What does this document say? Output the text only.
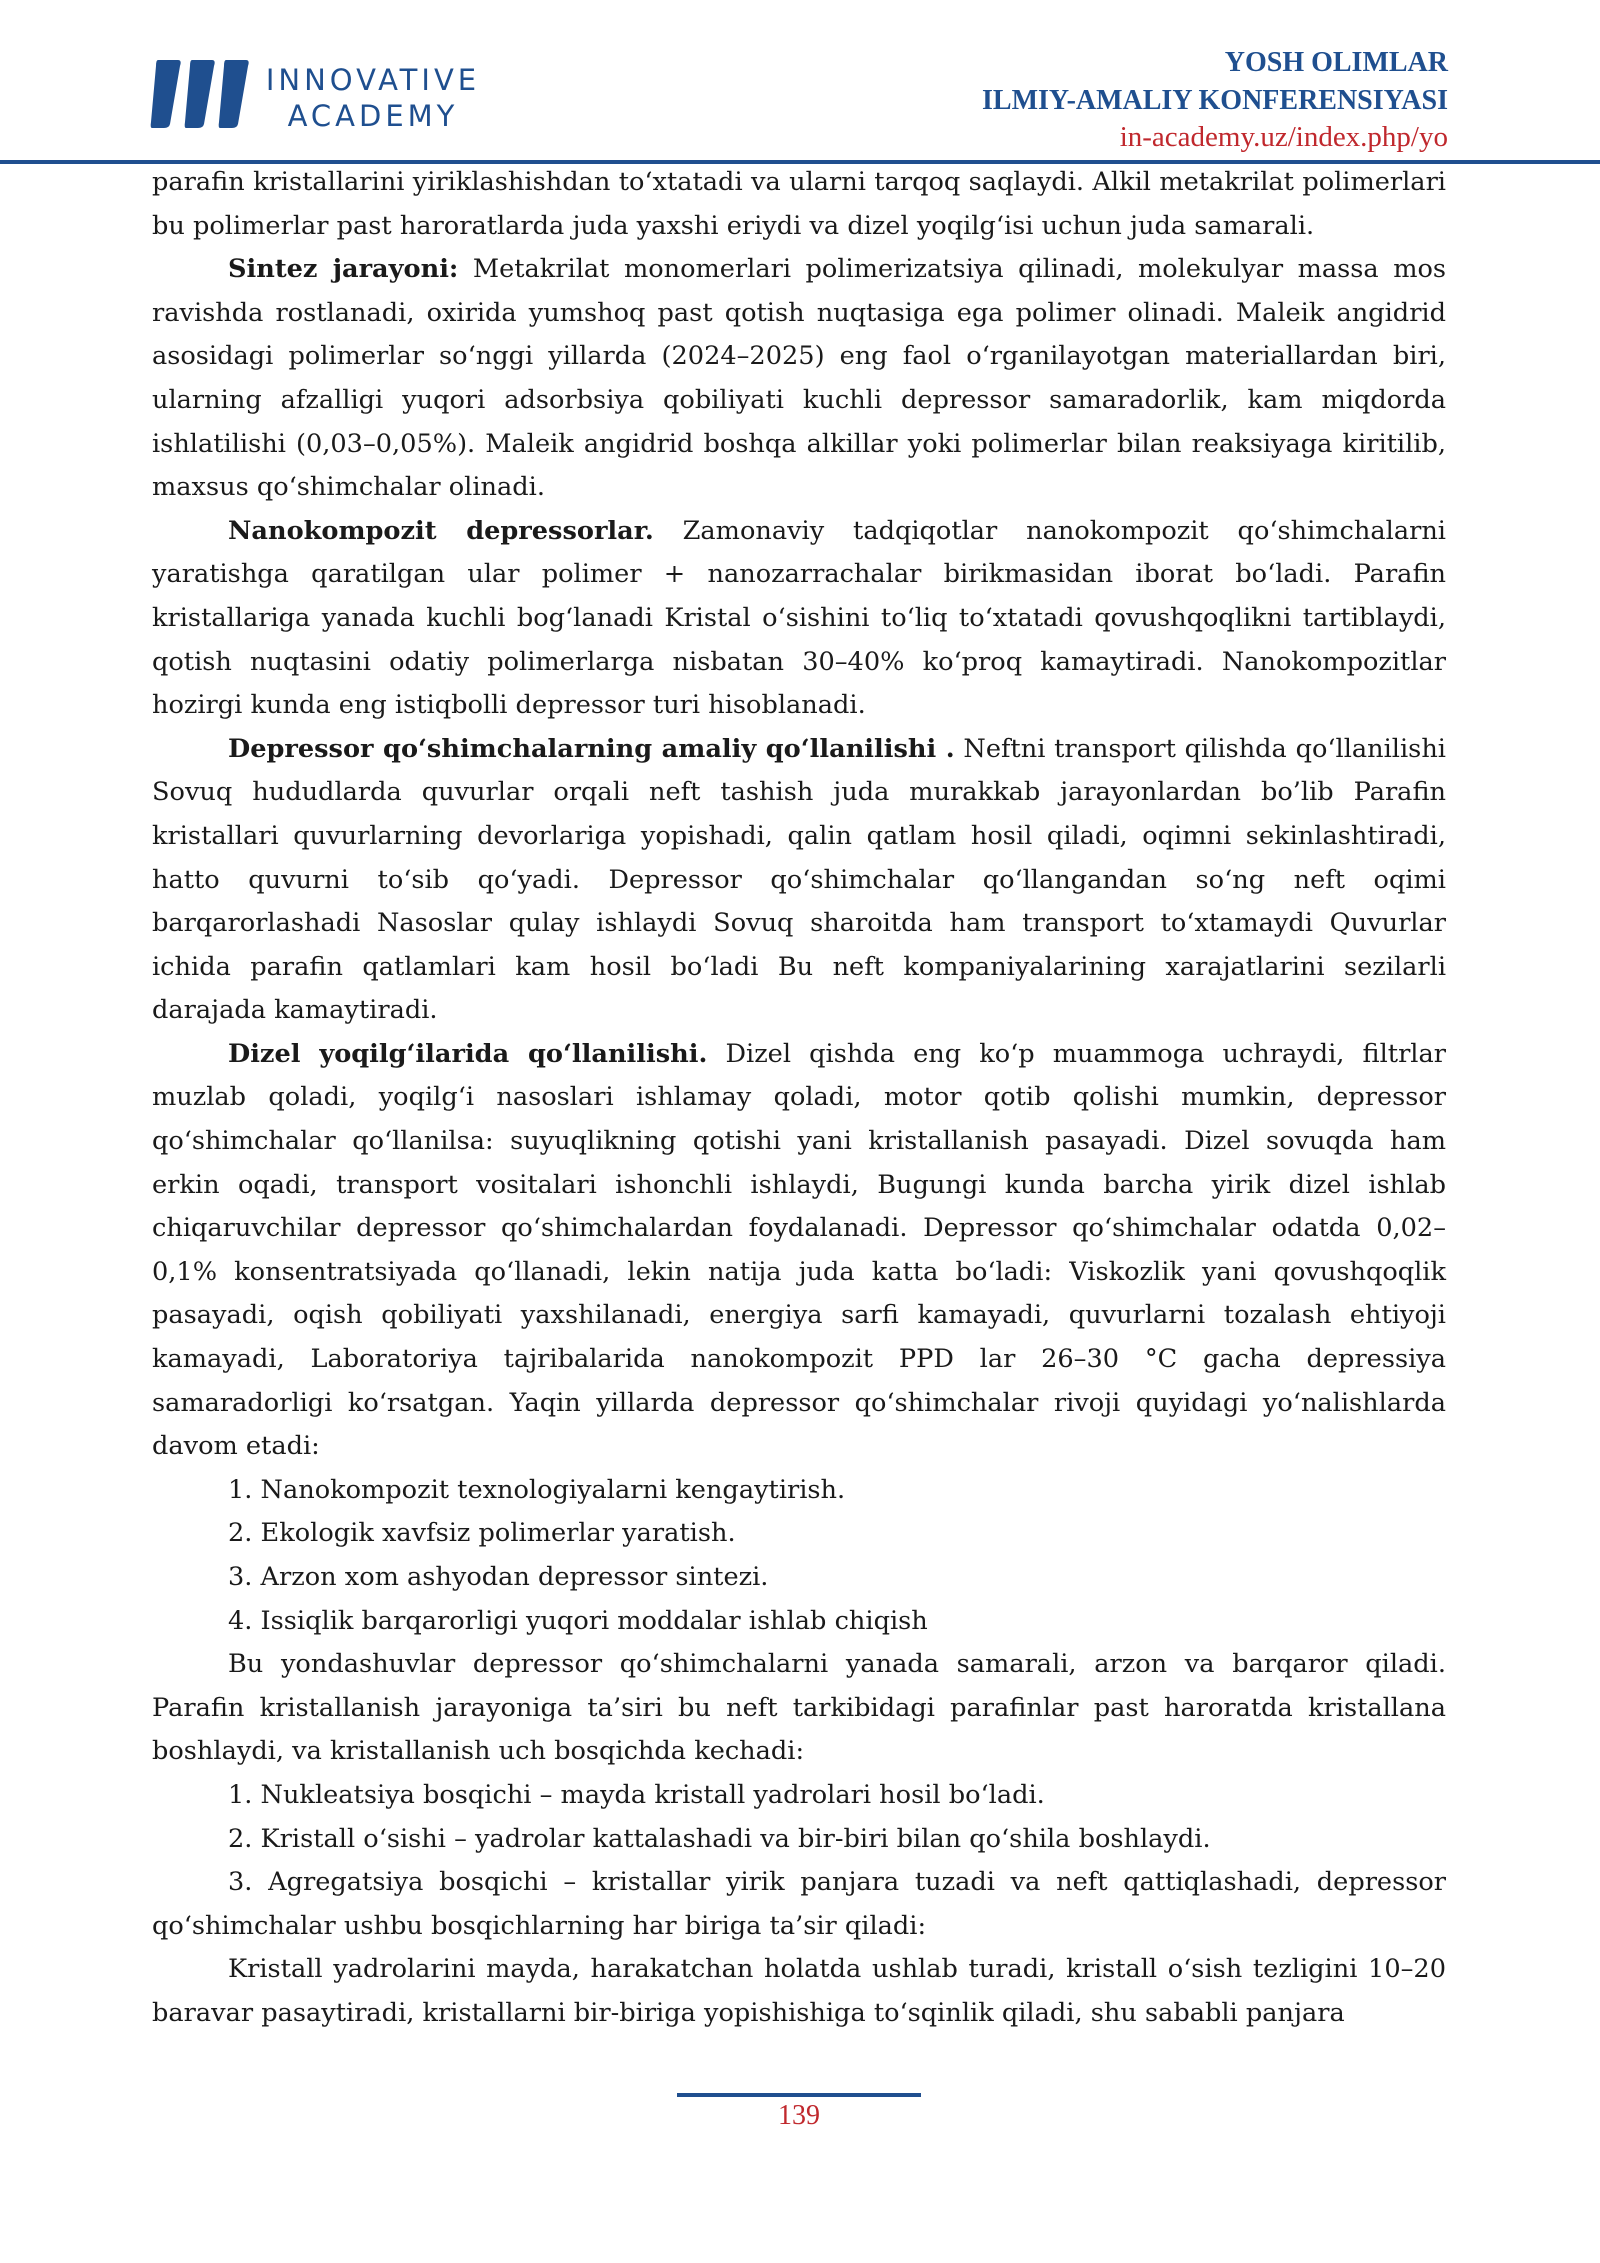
INNOVATIVE
ACADEMY
YOSH OLIMLAR
ILMIY-AMALIY KONFERENSIYASI
in-academy.uz/index.php/yo

parafin kristallarini yiriklashishdan to‘xtatadi va ularni tarqoq saqlaydi. Alkil metakrilat polimerlari bu polimerlar past haroratlarda juda yaxshi eriydi va dizel yoqilg‘isi uchun juda samarali.

Sintez jarayoni: Metakrilat monomerlari polimerizatsiya qilinadi, molekulyar massa mos ravishda rostlanadi, oxirida yumshoq past qotish nuqtasiga ega polimer olinadi. Maleik angidrid asosidagi polimerlar so‘nggi yillarda (2024–2025) eng faol o‘rganilayotgan materiallardan biri, ularning afzalligi yuqori adsorbsiya qobiliyati kuchli depressor samaradorlik, kam miqdorda ishlatilishi (0,03–0,05%). Maleik angidrid boshqa alkillar yoki polimerlar bilan reaksiyaga kiritilib, maxsus qo‘shimchalar olinadi.

Nanokompozit depressorlar. Zamonaviy tadqiqotlar nanokompozit qo‘shimchalarni yaratishga qaratilgan ular polimer + nanozarrachalar birikmasidan iborat bo‘ladi. Parafin kristallariga yanada kuchli bog‘lanadi Kristal o‘sishini to‘liq to‘xtatadi qovushqoqlikni tartiblaydi, qotish nuqtasini odatiy polimerlarga nisbatan 30–40% ko‘proq kamaytiradi. Nanokompozitlar hozirgi kunda eng istiqbolli depressor turi hisoblanadi.

Depressor qo‘shimchalarning amaliy qo‘llanilishi . Neftni transport qilishda qo‘llanilishi Sovuq hududlarda quvurlar orqali neft tashish juda murakkab jarayonlardan bo’lib Parafin kristallari quvurlarning devorlariga yopishadi, qalin qatlam hosil qiladi, oqimni sekinlashtiradi, hatto quvurni to‘sib qo‘yadi. Depressor qo‘shimchalar qo‘llangandan so‘ng neft oqimi barqarorlashadi Nasoslar qulay ishlaydi Sovuq sharoitda ham transport to‘xtamaydi Quvurlar ichida parafin qatlamlari kam hosil bo‘ladi Bu neft kompaniyalarining xarajatlarini sezilarli darajada kamaytiradi.

Dizel yoqilg‘ilarida qo‘llanilishi. Dizel qishda eng ko‘p muammoga uchraydi, filtrlar muzlab qoladi, yoqilg‘i nasoslari ishlamay qoladi, motor qotib qolishi mumkin, depressor qo‘shimchalar qo‘llanilsa: suyuqlikning qotishi yani kristallanish pasayadi. Dizel sovuqda ham erkin oqadi, transport vositalari ishonchli ishlaydi, Bugungi kunda barcha yirik dizel ishlab chiqaruvchilar depressor qo‘shimchalardan foydalanadi. Depressor qo‘shimchalar odatda 0,02–0,1% konsentratsiyada qo‘llanadi, lekin natija juda katta bo‘ladi: Viskozlik yani qovushqoqlik pasayadi, oqish qobiliyati yaxshilanadi, energiya sarfi kamayadi, quvurlarni tozalash ehtiyoji kamayadi, Laboratoriya tajribalarida nanokompozit PPD lar 26–30 °C gacha depressiya samaradorligi ko‘rsatgan. Yaqin yillarda depressor qo‘shimchalar rivoji quyidagi yo‘nalishlarda davom etadi:

1. Nanokompozit texnologiyalarni kengaytirish.

2. Ekologik xavfsiz polimerlar yaratish.

3. Arzon xom ashyodan depressor sintezi.

4. Issiqlik barqarorligi yuqori moddalar ishlab chiqish

Bu yondashuvlar depressor qo‘shimchalarni yanada samarali, arzon va barqaror qiladi. Parafin kristallanish jarayoniga ta’siri bu neft tarkibidagi parafinlar past haroratda kristallana boshlaydi, va kristallanish uch bosqichda kechadi:

1. Nukleatsiya bosqichi – mayda kristall yadrolari hosil bo‘ladi.

2. Kristall o‘sishi – yadrolar kattalashadi va bir-biri bilan qo‘shila boshlaydi.

3. Agregatsiya bosqichi – kristallar yirik panjara tuzadi va neft qattiqlashadi, depressor qo‘shimchalar ushbu bosqichlarning har biriga ta’sir qiladi:

Kristall yadrolarini mayda, harakatchan holatda ushlab turadi, kristall o‘sish tezligini 10–20 baravar pasaytiradi, kristallarni bir-biriga yopishishiga to‘sqinlik qiladi, shu sababli panjara

139
